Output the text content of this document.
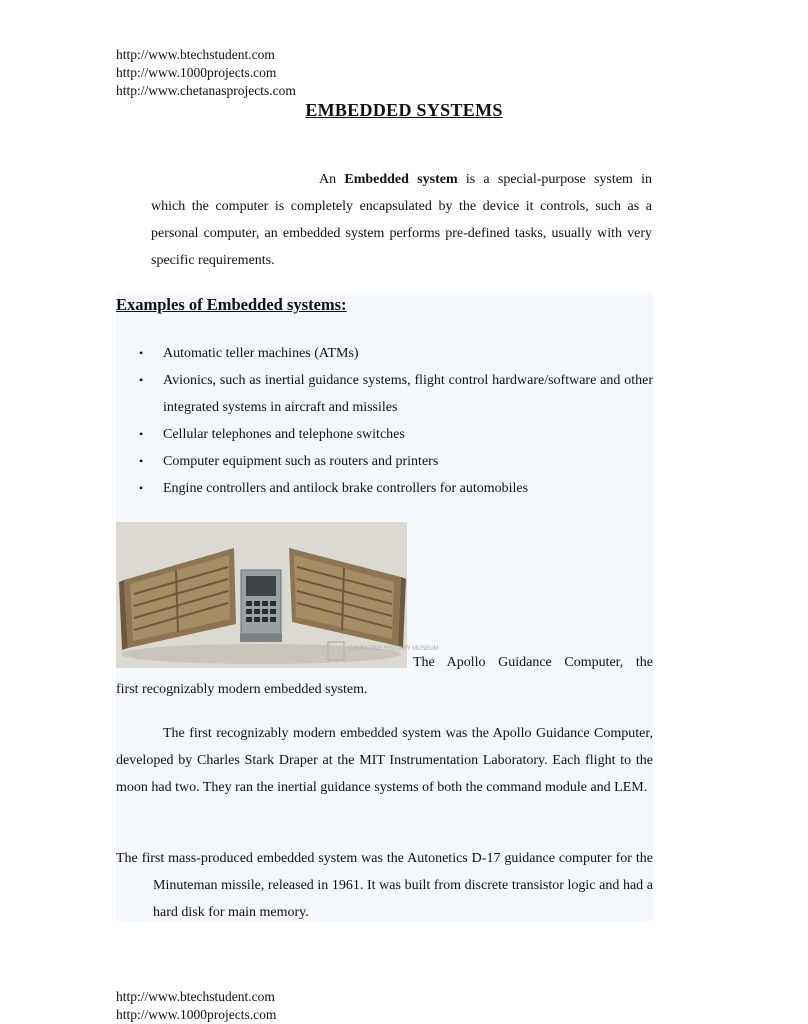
http://www.btechstudent.com
http://www.1000projects.com
http://www.chetanasprojects.com
EMBEDDED SYSTEMS
An Embedded system is a special-purpose system in which the computer is completely encapsulated by the device it controls, such as a personal computer, an embedded system performs pre-defined tasks, usually with very specific requirements.
Examples of Embedded systems:
• Automatic teller machines (ATMs)
• Avionics, such as inertial guidance systems, flight control hardware/software and other integrated systems in aircraft and missiles
• Cellular telephones and telephone switches
• Computer equipment such as routers and printers
• Engine controllers and antilock brake controllers for automobiles
COMPUTER HISTORY MUSEUM
The Apollo Guidance Computer, the
first recognizably modern embedded system.
The first recognizably modern embedded system was the Apollo Guidance Computer, developed by Charles Stark Draper at the MIT Instrumentation Laboratory. Each flight to the moon had two. They ran the inertial guidance systems of both the command module and LEM.
The first mass-produced embedded system was the Autonetics D-17 guidance computer for the Minuteman missile, released in 1961. It was built from discrete transistor logic and had a hard disk for main memory.
http://www.btechstudent.com
http://www.1000projects.com
